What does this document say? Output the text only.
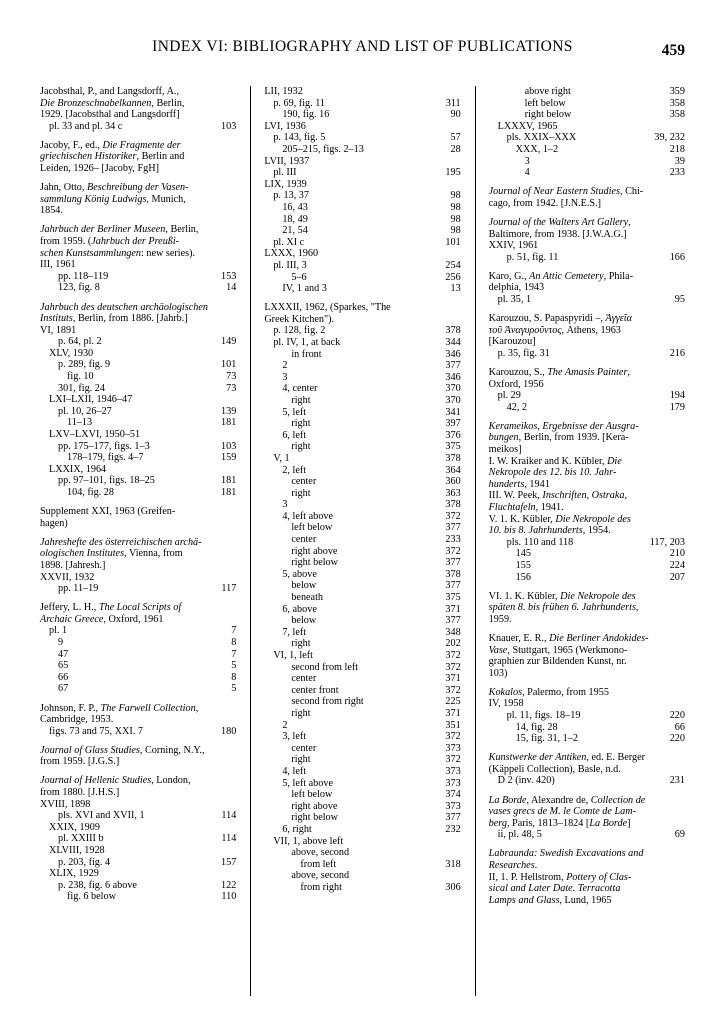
INDEX VI: BIBLIOGRAPHY AND LIST OF PUBLICATIONS	459
Jacobsthal, P., and Langsdorff, A.,
Die Bronzeschnabelkannen, Berlin,
1929. [Jacobsthal and Langsdorff]
pl. 33 and pl. 34 c	103
Jacoby, F., ed., Die Fragmente der
griechischen Historiker, Berlin and
Leiden, 1926– [Jacoby, FgH]
Jahn, Otto, Beschreibung der Vasen-
sammlung König Ludwigs, Munich,
1854.
Jahrbuch der Berliner Museen, Berlin,
from 1959. (Jahrbuch der Preußi-
schen Kunstsammlungen: new series).
III, 1961
pp. 118–119	153
123, fig. 8	14
Jahrbuch des deutschen archäologischen
Instituts, Berlin, from 1886. [Jahrb.]
VI, 1891
p. 64, pl. 2	149
XLV, 1930
p. 289, fig. 9	101
fig. 10	73
301, fig. 24	73
LXI–LXII, 1946–47
pl. 10, 26–27	139
11–13	181
LXV–LXVI, 1950–51
pp. 175–177, figs. 1–3	103
178–179, figs. 4–7	159
LXXIX, 1964
pp. 97–101, figs. 18–25	181
104, fig. 28	181
Supplement XXI, 1963 (Greifen-
hagen)
Jahreshefte des österreichischen archä-
ologischen Institutes, Vienna, from
1898. [Jahresh.]
XXVII, 1932
pp. 11–19	117
Jeffery, L. H., The Local Scripts of
Archaic Greece, Oxford, 1961
pl. 1	7
9	8
47	7
65	5
66	8
67	5
Johnson, F. P., The Farwell Collection,
Cambridge, 1953.
figs. 73 and 75, XXI. 7	180
Journal of Glass Studies, Corning, N.Y.,
from 1959. [J.G.S.]
Journal of Hellenic Studies, London,
from 1880. [J.H.S.]
XVIII, 1898
pls. XVI and XVII, 1	114
XXIX, 1909
pl. XXIII b	114
XLVIII, 1928
p. 203, fig. 4	157
XLIX, 1929
p. 238, fig. 6 above	122
fig. 6 below	110
LII, 1932
p. 69, fig. 11	311
190, fig. 16	90
LVI, 1936
p. 143, fig. 5	57
205–215, figs. 2–13	28
LVII, 1937
pl. III	195
LIX, 1939
p. 13, 37	98
16, 43	98
18, 49	98
21, 54	98
pl. XI c	101
LXXX, 1960
pl. III, 3	254
5–6	256
IV, 1 and 3	13
LXXXII, 1962, (Sparkes, "The
Greek Kitchen").
p. 128, fig. 2	378
pl. IV, 1, at back	344
in front	346
2	377
3	346
4, center	370
right	370
5, left	341
right	397
6, left	376
right	375
V, 1	378
2, left	364
center	360
right	363
3	378
4, left above	372
left below	377
center	233
right above	372
right below	377
5, above	378
below	377
beneath	375
6, above	371
below	377
7, left	348
right	202
VI, 1, left	372
second from left	372
center	371
center front	372
second from right	225
right	371
2	351
3, left	372
center	373
right	372
4, left	373
5, left above	373
left below	374
right above	373
right below	377
6, right	232
VII, 1, above left
above, second
from left	318
above, second
from right	306
above right	359
left below	358
right below	358
LXXXV, 1965
pls. XXIX–XXX	39, 232
XXX, 1–2	218
3	39
4	233
Journal of Near Eastern Studies, Chi-
cago, from 1942. [J.N.E.S.]
Journal of the Walters Art Gallery,
Baltimore, from 1938. [J.W.A.G.]
XXIV, 1961
p. 51, fig. 11	166
Karo, G., An Attic Cemetery, Phila-
delphia, 1943
pl. 35, 1	95
Karouzou, S. Papaspyridi –, Ἀγγεῖα
τοῦ Ἀναγυροῦντος, Athens, 1963
[Karouzou]
p. 35, fig. 31	216
Karouzou, S., The Amasis Painter,
Oxford, 1956
pl. 29	194
42, 2	179
Kerameikos, Ergebnisse der Ausgra-
bungen, Berlin, from 1939. [Kera-
meikos]
I. W. Kraiker and K. Kübler, Die
Nekropole des 12. bis 10. Jahr-
hunderts, 1941
III. W. Peek, Inschriften, Ostraka,
Fluchtafeln, 1941.
V. 1. K. Kübler, Die Nekropole des
10. bis 8. Jahrhunderts, 1954.
pls. 110 and 118	117, 203
145	210
155	224
156	207
VI. 1. K. Kübler, Die Nekropole des
späten 8. bis frühen 6. Jahrhunderts,
1959.
Knauer, E. R., Die Berliner Andokides-
Vase, Stuttgart, 1965 (Werkmono-
graphien zur Bildenden Kunst, nr.
103)
Kokalos, Palermo, from 1955
IV, 1958
pl. 11, figs. 18–19	220
14, fig. 28	66
15, fig. 31, 1–2	220
Kunstwerke der Antiken, ed. E. Berger
(Käppeli Collection), Basle, n.d.
D 2 (inv. 420)	231
La Borde, Alexandre de, Collection de
vases grecs de M. le Comte de Lam-
berg, Paris, 1813–1824 [La Borde]
ii, pl. 48, 5	69
Labraunda: Swedish Excavations and
Researches.
II, 1. P. Hellstrom, Pottery of Clas-
sical and Later Date. Terracotta
Lamps and Glass, Lund, 1965
